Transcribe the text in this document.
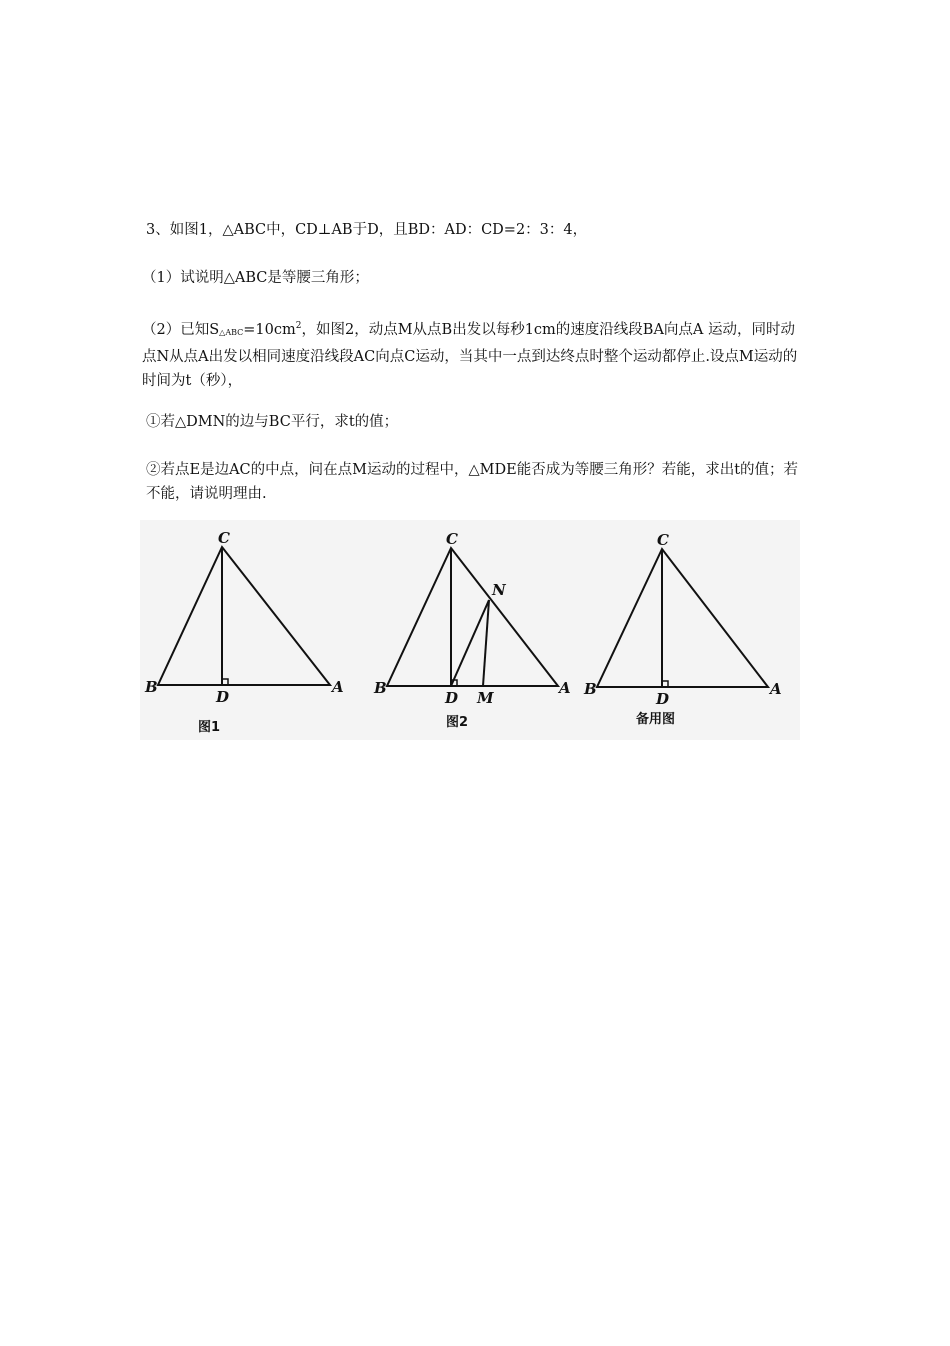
3、如图1，△ABC中，CD⊥AB于D，且BD：AD：CD=2：3：4，
（1）试说明△ABC是等腰三角形；
（2）已知$S\triangle ABC=10cm^2$，如图2，动点M从点B出发以每秒1cm的速度沿线段BA向点A 运动，同时动点N从点A出发以相同速度沿线段AC向点C运动，当其中一点到达终点时整个运动都停止.设点M运动的时间为t（秒），
①若△DMN的边与BC平行，求t的值；
②若点E是边AC的中点，问在点M运动的过程中，△MDE能否成为等腰三角形？若能，求出t的值；若不能，请说明理由.
C
B
D
A
图1
C
N
B
D M
A
图2
C
B
D
A
备用图
